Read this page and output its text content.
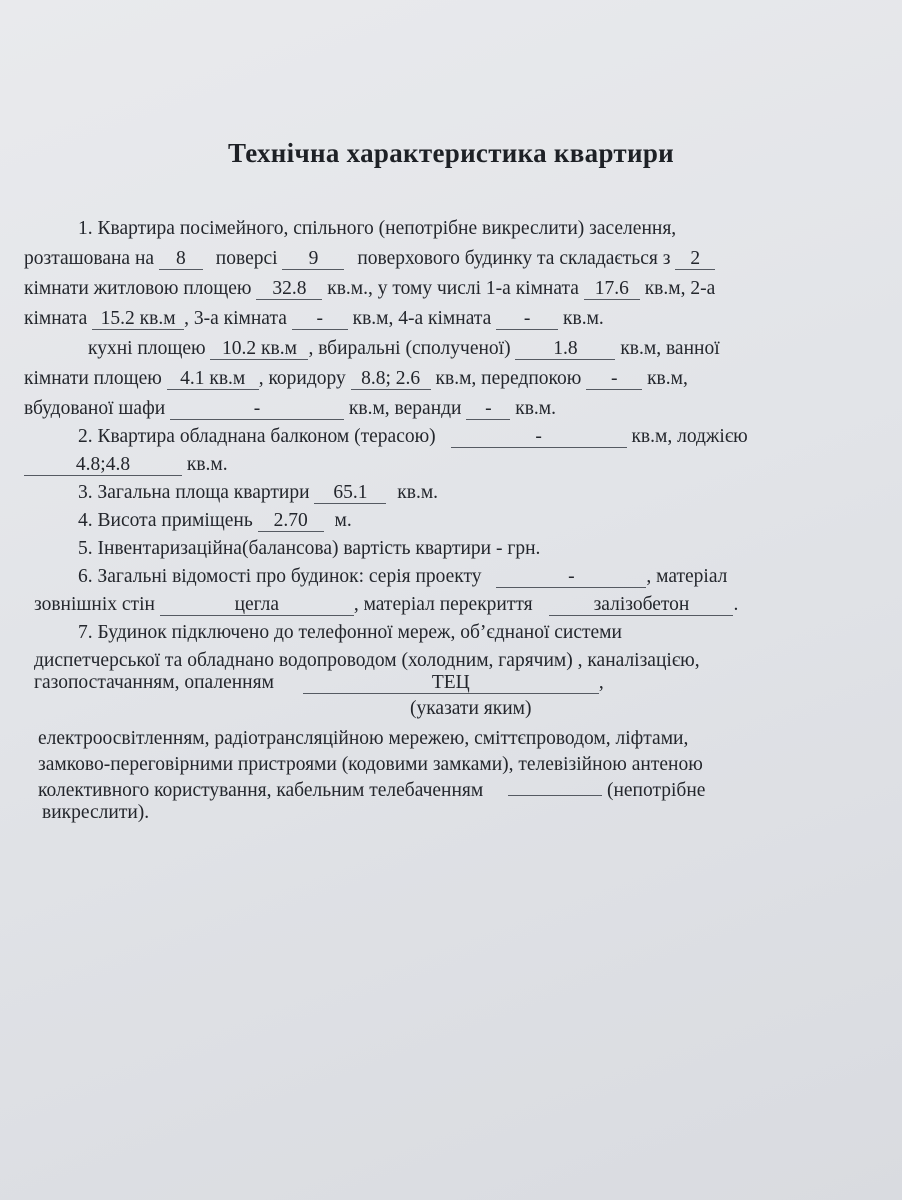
Технічна характеристика квартири
1. Квартира посімейного, спільного (непотрібне викреслити) заселення,
розташована на 8 поверсі 9 поверхового будинку та складається з 2
кімнати житловою площею 32.8 кв.м., у тому числі 1-а кімната 17.6 кв.м, 2-а
кімната 15.2 кв.м , 3-а кімната - кв.м, 4-а кімната - кв.м.
кухні площею 10.2 кв.м , вбиральні (сполученої) 1.8 кв.м, ванної
кімнати площею 4.1 кв.м , коридору 8.8; 2.6 кв.м, передпокою - кв.м,
вбудованої шафи	-	кв.м, веранди - кв.м.
2. Квартира обладнана балконом (терасою)	-	кв.м, лоджією
4.8;4.8	кв.м.
3. Загальна площа квартири 65.1 кв.м.
4. Висота приміщень 2.70 м.
5. Інвентаризаційна(балансова) вартість квартири - грн.
6. Загальні відомості про будинок: серія проекту	-	, матеріал
зовнішніх стін	цегла	, матеріал перекриття	залізобетон .
7. Будинок підключено до телефонної мереж, об’єднаної системи
диспетчерської та обладнано водопроводом (холодним, гарячим) , каналізацією,
газопостачанням, опаленням	ТЕЦ	,
(указати яким)
електроосвітленням, радіотрансляційною мережею, сміттєпроводом, ліфтами,
замково-переговірними пристроями (кодовими замками), телевізійною антеною
колективного користування, кабельним телебаченням	(непотрібне
викреслити).
